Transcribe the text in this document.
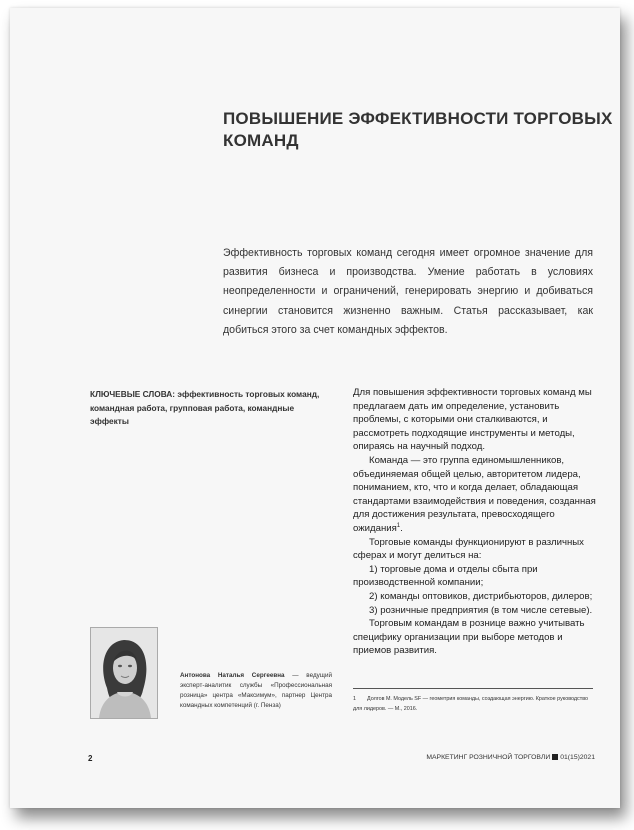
ПОВЫШЕНИЕ ЭФФЕКТИВНОСТИ ТОРГОВЫХ
КОМАНД

Эффективность торговых команд сегодня имеет огромное значение для развития бизнеса и производства. Умение работать в условиях неопределенности и ограничений, генерировать энергию и добиваться синергии становится жизненно важным. Статья рассказывает, как добиться этого за счет командных эффектов.

КЛЮЧЕВЫЕ СЛОВА: эффективность торговых команд, командная работа, групповая работа, командные эффекты
Антонова Наталья Сергеевна — ведущий эксперт-аналитик службы «Профессиональная розница» центра «Максимум», партнер Центра командных компетенций (г. Пенза)

Для повышения эффективности торговых команд мы предлагаем дать им определение, установить проблемы, с которыми они сталкиваются, и рассмотреть подходящие инструменты и методы, опираясь на научный подход.

Команда — это группа единомышленников, объединяемая общей целью, авторитетом лидера, пониманием, кто, что и когда делает, обладающая стандартами взаимодействия и поведения, созданная для достижения результата, превосходящего ожидания$^1$.

Торговые команды функционируют в различных сферах и могут делиться на:

1) торговые дома и отделы сбыта при производственной компании;

2) команды оптовиков, дистрибьюторов, дилеров;

3) розничные предприятия (в том числе сетевые).

Торговым командам в рознице важно учитывать специфику организации при выборе методов и приемов развития.

1 Долгов М. Модель SF — геометрия команды, создающая энергию. Краткое руководство для лидеров. — М., 2016.
2	МАРКЕТИНГ РОЗНИЧНОЙ ТОРГОВЛИ 01(15)2021
